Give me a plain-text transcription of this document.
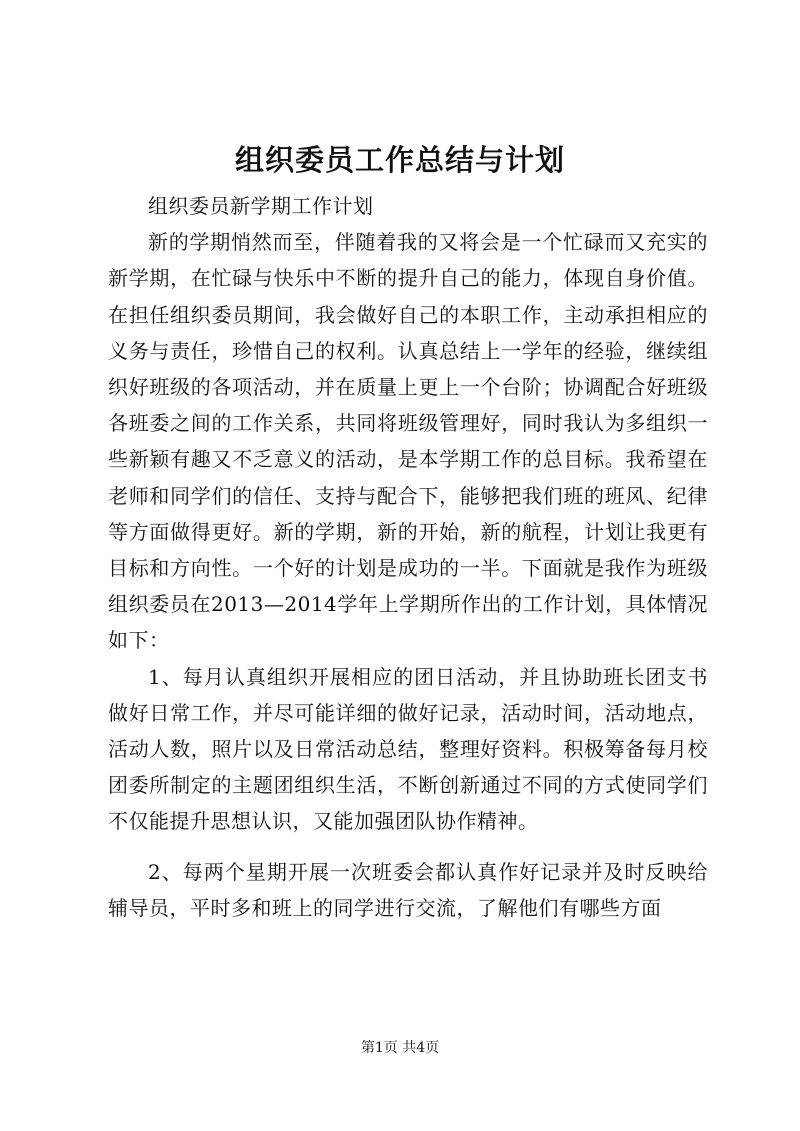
组织委员工作总结与计划

组织委员新学期工作计划

新的学期悄然而至，伴随着我的又将会是一个忙碌而又充实的新学期，在忙碌与快乐中不断的提升自己的能力，体现自身价值。在担任组织委员期间，我会做好自己的本职工作，主动承担相应的义务与责任，珍惜自己的权利。认真总结上一学年的经验，继续组织好班级的各项活动，并在质量上更上一个台阶；协调配合好班级各班委之间的工作关系，共同将班级管理好，同时我认为多组织一些新颖有趣又不乏意义的活动，是本学期工作的总目标。我希望在老师和同学们的信任、支持与配合下，能够把我们班的班风、纪律等方面做得更好。新的学期，新的开始，新的航程，计划让我更有目标和方向性。一个好的计划是成功的一半。下面就是我作为班级组织委员在2013—2014学年上学期所作出的工作计划，具体情况如下：

1、每月认真组织开展相应的团日活动，并且协助班长团支书做好日常工作，并尽可能详细的做好记录，活动时间，活动地点，活动人数，照片以及日常活动总结，整理好资料。积极筹备每月校团委所制定的主题团组织生活，不断创新通过不同的方式使同学们不仅能提升思想认识，又能加强团队协作精神。

2、每两个星期开展一次班委会都认真作好记录并及时反映给辅导员，平时多和班上的同学进行交流，了解他们有哪些方面

第1页 共4页
